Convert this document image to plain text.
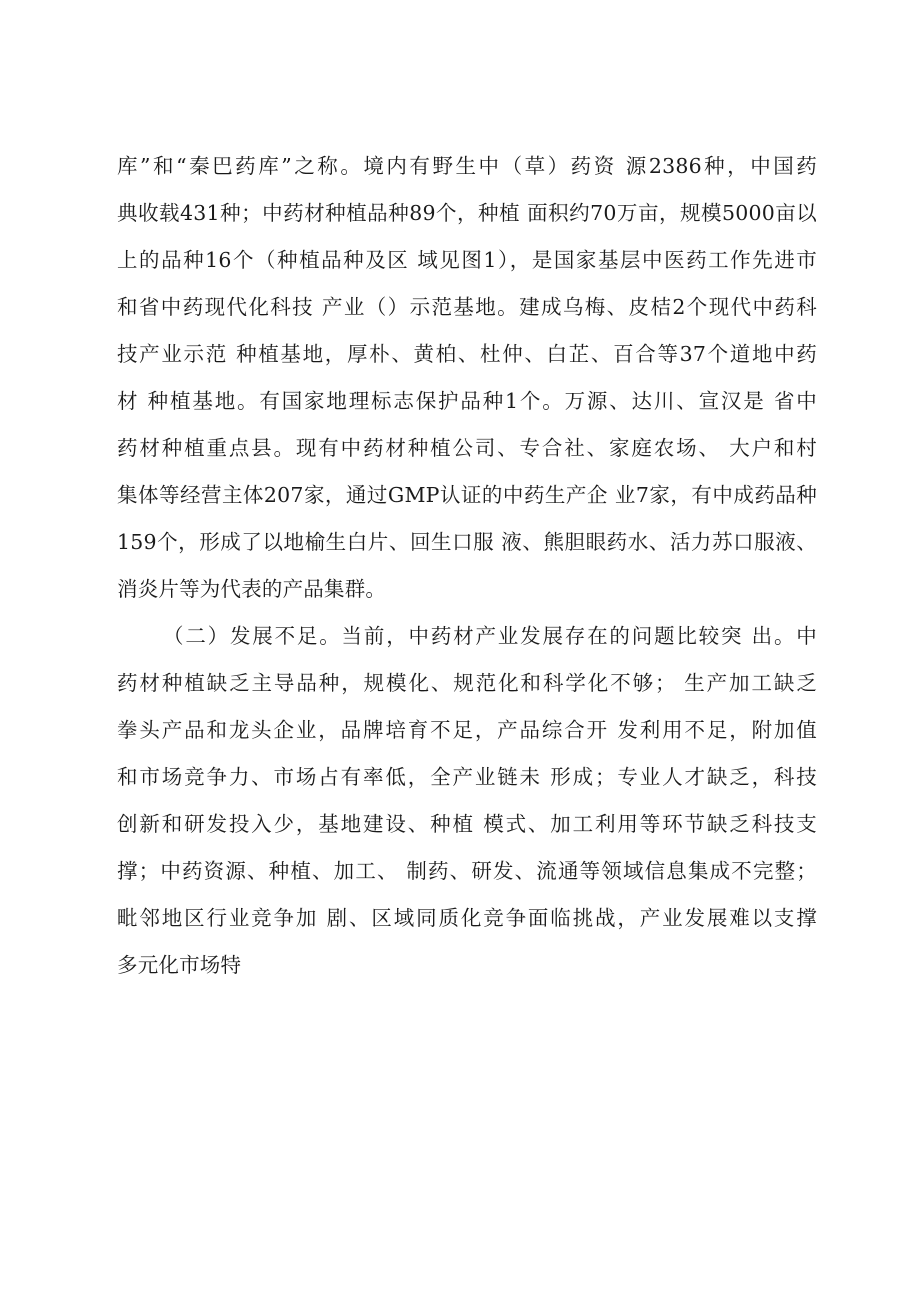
库”和“秦巴药库”之称。境内有野生中（草）药资 源2386种，中国药
典收载431种；中药材种植品种89个，种植 面积约70万亩，规模5000亩以
上的品种16个（种植品种及区 域见图1），是国家基层中医药工作先进市
和省中药现代化科技 产业（）示范基地。建成乌梅、皮桔2个现代中药科
技产业示范 种植基地，厚朴、黄柏、杜仲、白芷、百合等37个道地中药
材 种植基地。有国家地理标志保护品种1个。万源、达川、宣汉是 省中
药材种植重点县。现有中药材种植公司、专合社、家庭农场、 大户和村
集体等经营主体207家，通过GMP认证的中药生产企 业7家，有中成药品种
159个，形成了以地榆生白片、回生口服 液、熊胆眼药水、活力苏口服液、
消炎片等为代表的产品集群。
（二）发展不足。当前，中药材产业发展存在的问题比较突 出。中
药材种植缺乏主导品种，规模化、规范化和科学化不够； 生产加工缺乏
拳头产品和龙头企业，品牌培育不足，产品综合开 发利用不足，附加值
和市场竞争力、市场占有率低，全产业链未 形成；专业人才缺乏，科技
创新和研发投入少，基地建设、种植 模式、加工利用等环节缺乏科技支
撑；中药资源、种植、加工、 制药、研发、流通等领域信息集成不完整；
毗邻地区行业竞争加 剧、区域同质化竞争面临挑战，产业发展难以支撑
多元化市场特
